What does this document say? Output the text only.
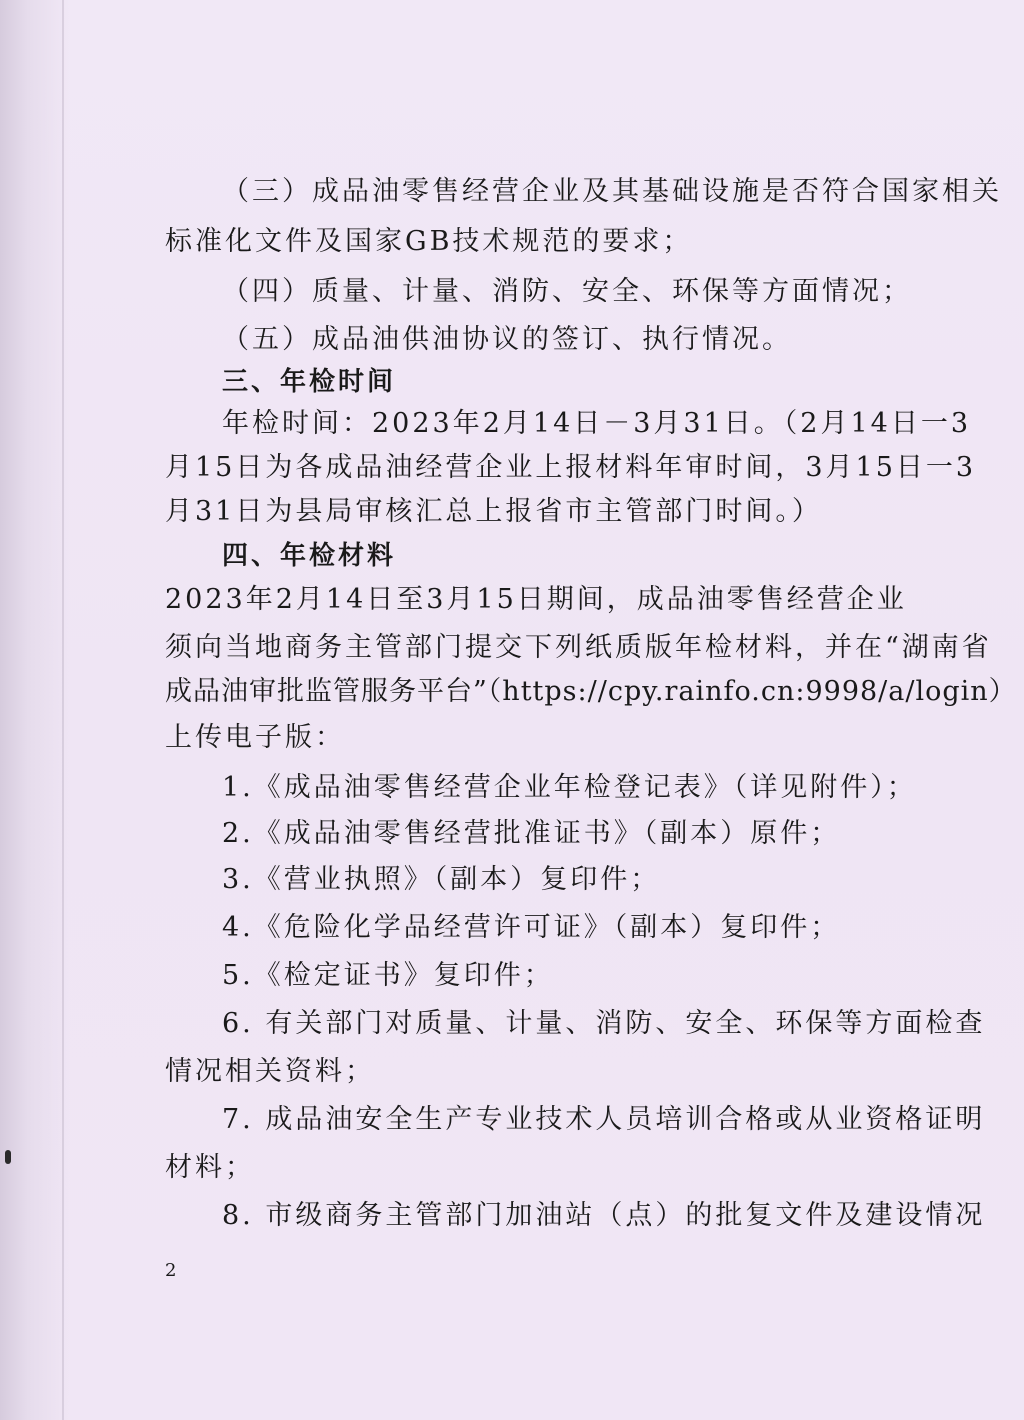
（三）成品油零售经营企业及其基础设施是否符合国家相关
标准化文件及国家GB技术规范的要求；
（四）质量、计量、消防、安全、环保等方面情况；
（五）成品油供油协议的签订、执行情况。
三、年检时间
年检时间：2023年2月14日－3月31日。（2月14日一3
月15日为各成品油经营企业上报材料年审时间，3月15日一3
月31日为县局审核汇总上报省市主管部门时间。）
四、年检材料
2023年2月14日至3月15日期间，成品油零售经营企业
须向当地商务主管部门提交下列纸质版年检材料，并在“湖南省
成品油审批监管服务平台”（https://cpy.rainfo.cn:9998/a/login）
上传电子版：
1.《成品油零售经营企业年检登记表》（详见附件）；
2.《成品油零售经营批准证书》（副本）原件；
3.《营业执照》（副本）复印件；
4.《危险化学品经营许可证》（副本）复印件；
5.《检定证书》复印件；
6. 有关部门对质量、计量、消防、安全、环保等方面检查
情况相关资料；
7. 成品油安全生产专业技术人员培训合格或从业资格证明
材料；
8. 市级商务主管部门加油站（点）的批复文件及建设情况
2
